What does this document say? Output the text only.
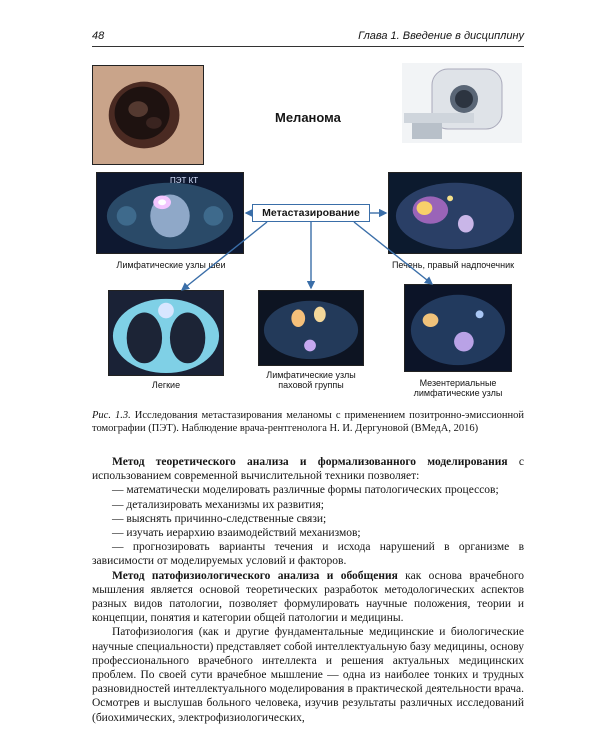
48	Глава 1. Введение в дисциплину
Меланома
ПЭТ КТ
Лимфатические узлы шеи	Печень, правый надпочечник
Метастазирование
Легкие
Лимфатические узлы
паховой группы	Мезентериальные
лимфатические узлы
Рис. 1.3. Исследования метастазирования меланомы с применением позитронно-эмиссионной томографии (ПЭТ). Наблюдение врача-рентгенолога Н. И. Дергуновой (ВМедА, 2016)

Метод теоретического анализа и формализованного моделирования с использованием современной вычислительной техники позволяет:

— математически моделировать различные формы патологических процессов;

— детализировать механизмы их развития;

— выяснять причинно-следственные связи;

— изучать иерархию взаимодействий механизмов;

— прогнозировать варианты течения и исхода нарушений в организме в зависимости от моделируемых условий и факторов.

Метод патофизиологического анализа и обобщения как основа врачебного мышления является основой теоретических разработок методологических аспектов разных видов патологии, позволяет формулировать научные положения, теории и концепции, понятия и категории общей патологии и медицины.

Патофизиология (как и другие фундаментальные медицинские и биологические научные специальности) представляет собой интеллектуальную базу медицины, основу профессионального врачебного интеллекта и решения актуальных медицинских проблем. По своей сути врачебное мышление — одна из наиболее тонких и трудных разновидностей интеллектуального моделирования в практической деятельности врача. Осмотрев и выслушав больного человека, изучив результаты различных исследований (биохимических, электрофизиологических,
